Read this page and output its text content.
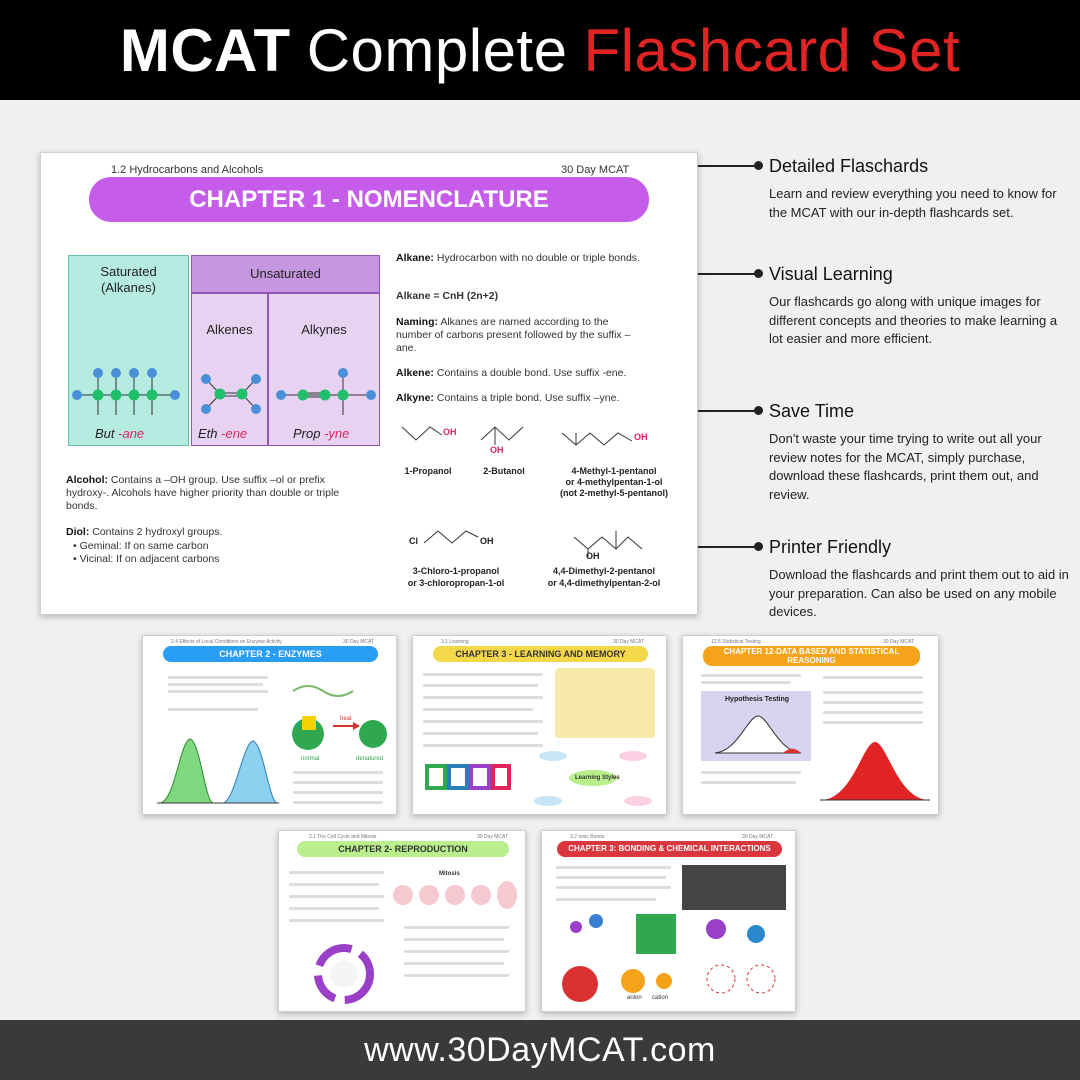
MCAT Complete Flashcard Set
1.2 Hydrocarbons and Alcohols	30 Day MCAT
CHAPTER 1 - NOMENCLATURE
Saturated (Alkanes)
Unsaturated
Alkenes	Alkynes
But -ane	Eth -ene	Prop -yne
Alkane: Hydrocarbon with no double or triple bonds.
Alkane = CnH (2n+2)
Naming: Alkanes are named according to the number of carbons present followed by the suffix –ane.
Alkene: Contains a double bond. Use suffix -ene.
Alkyne: Contains a triple bond. Use suffix –yne.
OH
OH
OH
1-Propanol	2-Butanol	4-Methyl-1-pentanol
or 4-methylpentan-1-ol
(not 2-methyl-5-pentanol)
Cl	OH
OH
3-Chloro-1-propanol
or 3-chloropropan-1-ol
4,4-Dimethyl-2-pentanol
or 4,4-dimethylpentan-2-ol
Alcohol: Contains a –OH group. Use suffix –ol or prefix hydroxy-. Alcohols have higher priority than double or triple bonds.
Diol: Contains 2 hydroxyl groups.
• Geminal: If on same carbon
• Vicinal: If on adjacent carbons
Detailed Flaschards

Learn and review everything you need to know for the MCAT with our in-depth flashcards set.

Visual Learning

Our flashcards go along with unique images for different concepts and theories to make learning a lot easier and more efficient.

Save Time

Don't waste your time trying to write out all your review notes for the MCAT, simply purchase, download these flashcards, print them out, and review.

Printer Friendly

Download the flashcards and print them out to aid in your preparation. Can also be used on any mobile devices.

2.4 Effects of Local Conditions on Enzyme Activity	30 Day MCAT
CHAPTER 2 - ENZYMES
normal	denatured
heat
3.1 Learning	30 Day MCAT
CHAPTER 3 - LEARNING AND MEMORY
Learning Styles
12.6 Statistical Testing	30 Day MCAT
CHAPTER 12-DATA BASED AND STATISTICAL REASONING
Hypothesis Testing
2.1 The Cell Cycle and Mitosis	30 Day MCAT
CHAPTER 2- REPRODUCTION
Mitosis
3.2 Ionic Bonds	30 Day MCAT
CHAPTER 3: BONDING & CHEMICAL INTERACTIONS
anion cation
www.30DayMCAT.com
